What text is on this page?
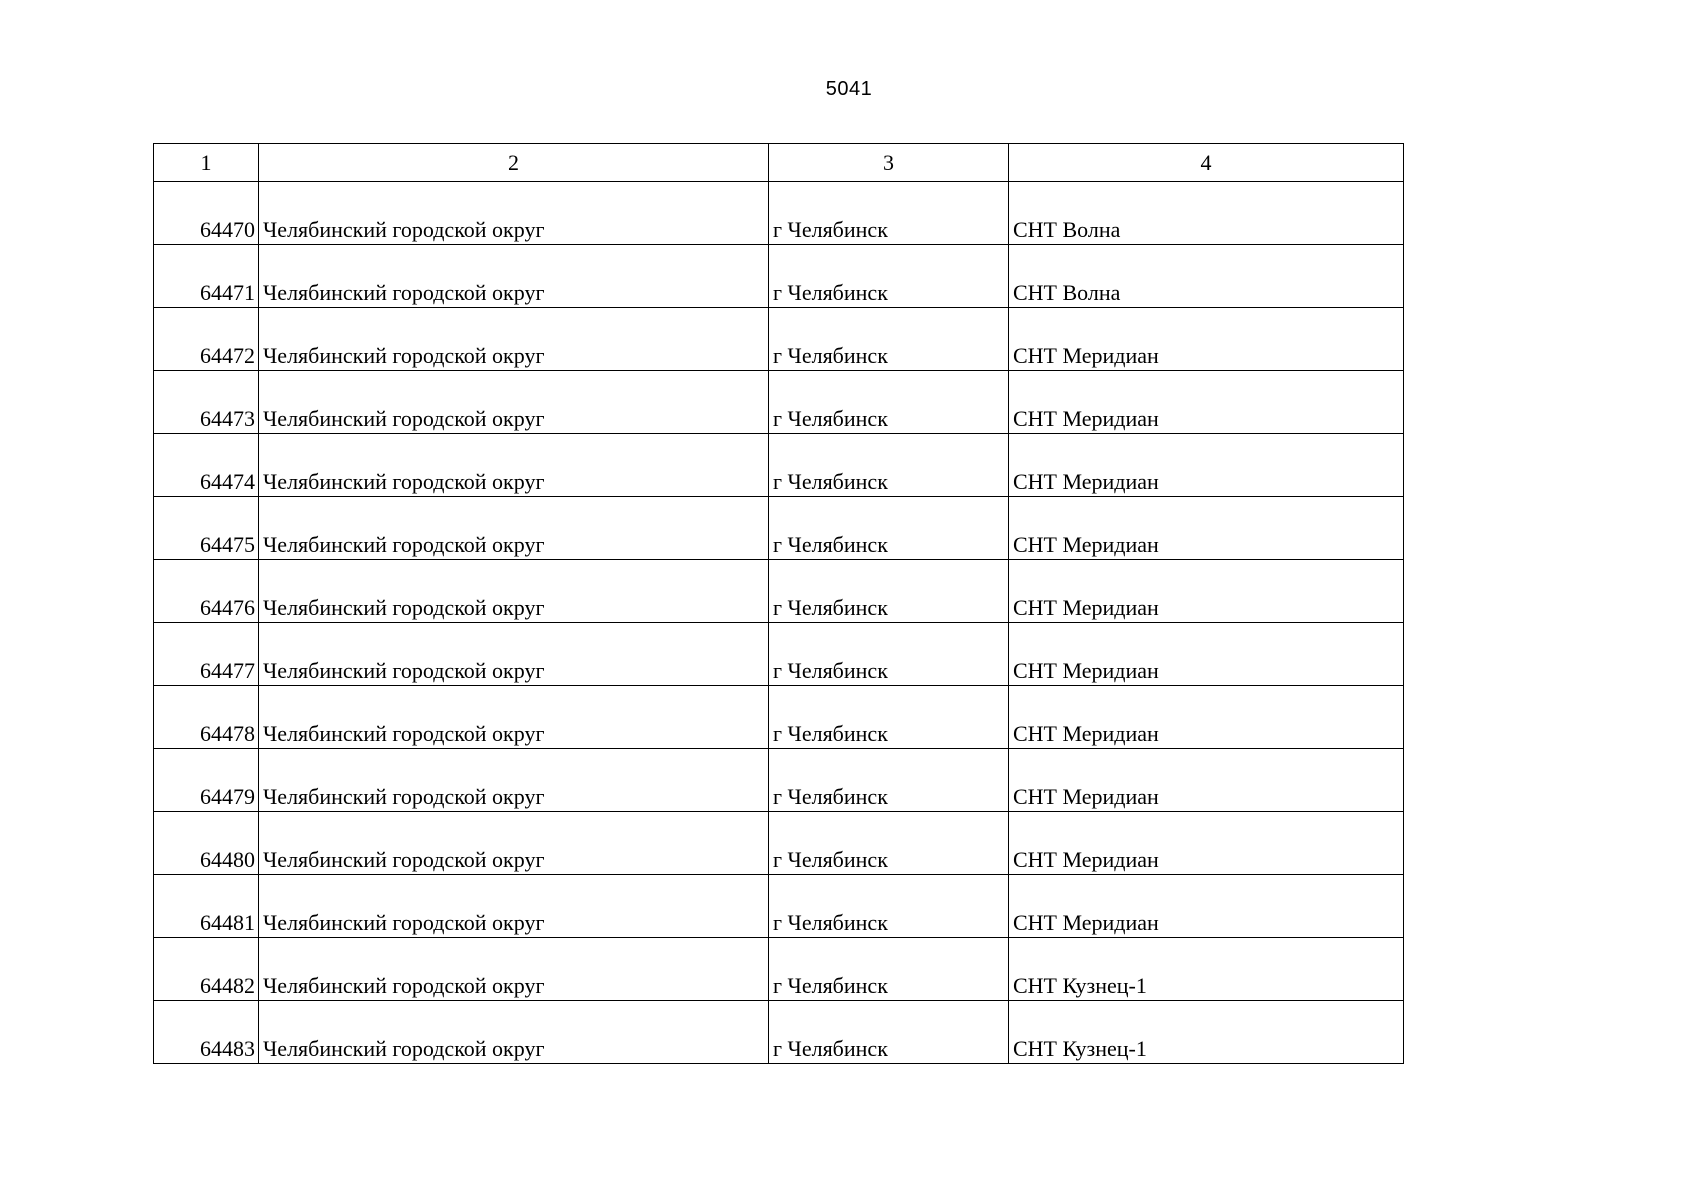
5041
1	2	3	4
64470	Челябинский городской округ	г Челябинск	СНТ Волна
64471	Челябинский городской округ	г Челябинск	СНТ Волна
64472	Челябинский городской округ	г Челябинск	СНТ Меридиан
64473	Челябинский городской округ	г Челябинск	СНТ Меридиан
64474	Челябинский городской округ	г Челябинск	СНТ Меридиан
64475	Челябинский городской округ	г Челябинск	СНТ Меридиан
64476	Челябинский городской округ	г Челябинск	СНТ Меридиан
64477	Челябинский городской округ	г Челябинск	СНТ Меридиан
64478	Челябинский городской округ	г Челябинск	СНТ Меридиан
64479	Челябинский городской округ	г Челябинск	СНТ Меридиан
64480	Челябинский городской округ	г Челябинск	СНТ Меридиан
64481	Челябинский городской округ	г Челябинск	СНТ Меридиан
64482	Челябинский городской округ	г Челябинск	СНТ Кузнец-1
64483	Челябинский городской округ	г Челябинск	СНТ Кузнец-1
